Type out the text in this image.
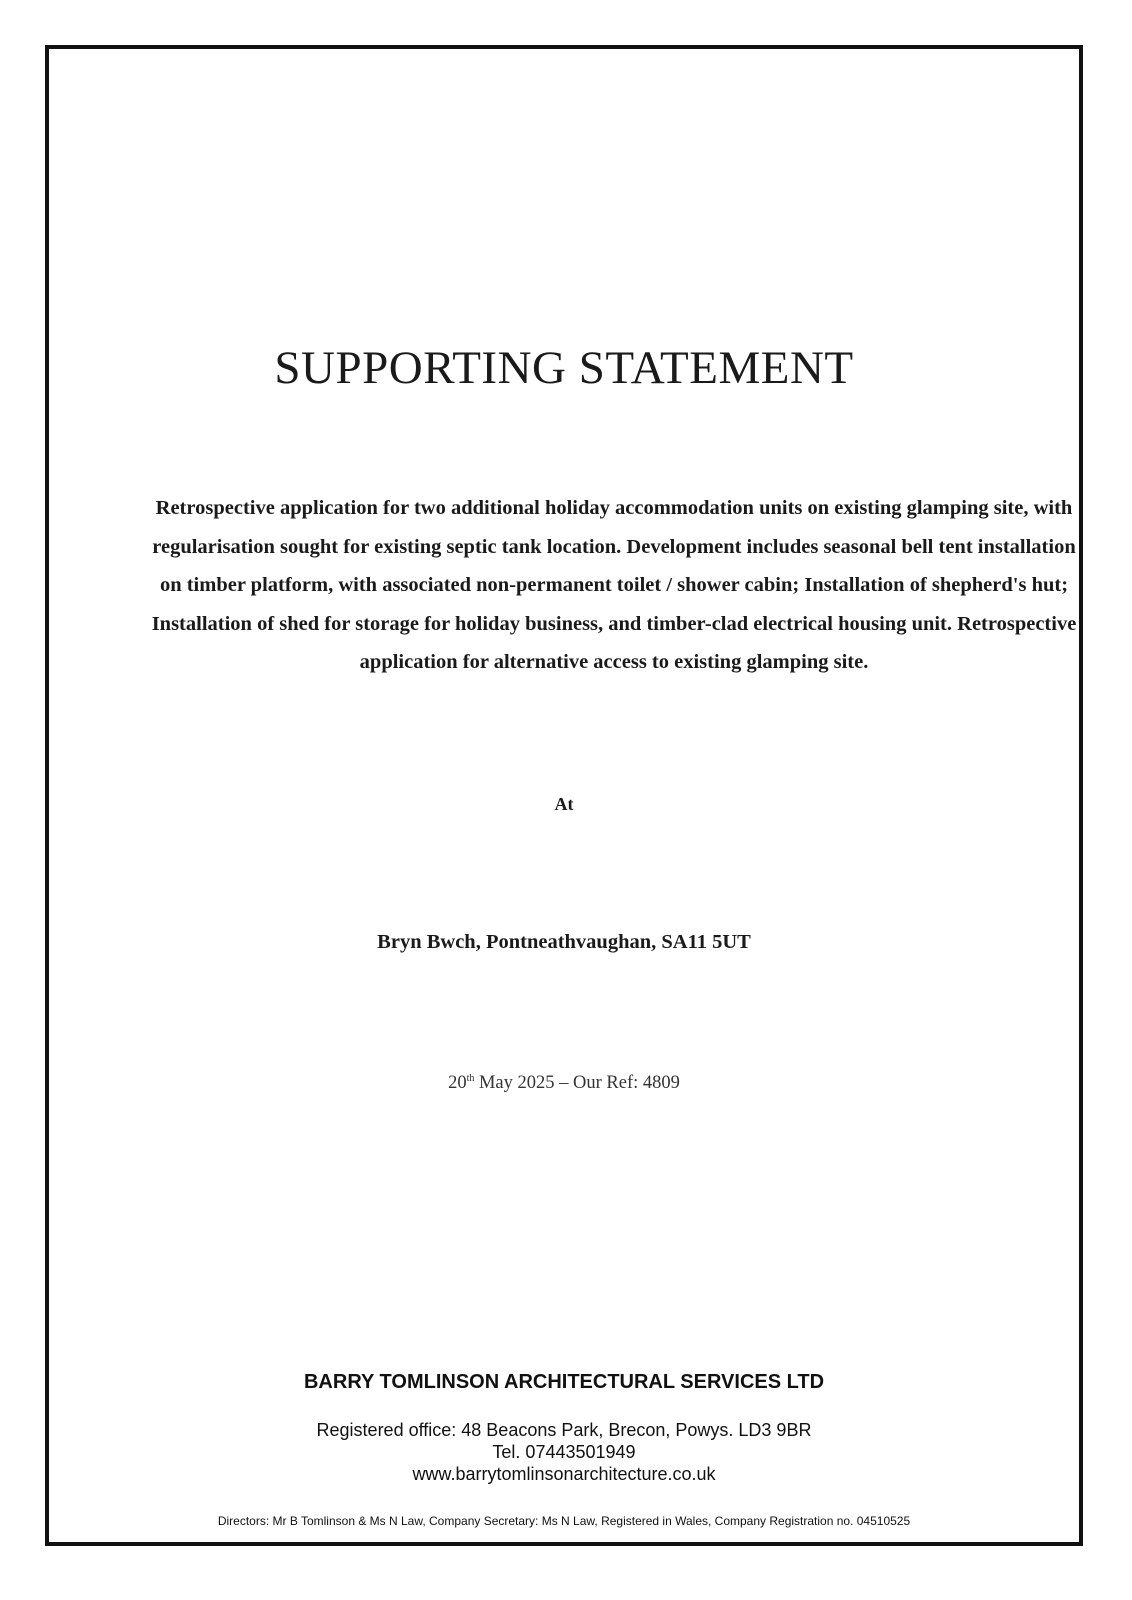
SUPPORTING STATEMENT

Retrospective application for two additional holiday accommodation units on existing glamping site, with regularisation sought for existing septic tank location. Development includes seasonal bell tent installation on timber platform, with associated non-permanent toilet / shower cabin; Installation of shepherd's hut; Installation of shed for storage for holiday business, and timber-clad electrical housing unit. Retrospective application for alternative access to existing glamping site.

At

Bryn Bwch, Pontneathvaughan, SA11 5UT

20th May 2025 – Our Ref: 4809

BARRY TOMLINSON ARCHITECTURAL SERVICES LTD

Registered office: 48 Beacons Park, Brecon, Powys. LD3 9BR
Tel. 07443501949
www.barrytomlinsonarchitecture.co.uk

Directors: Mr B Tomlinson & Ms N Law, Company Secretary: Ms N Law, Registered in Wales, Company Registration no. 04510525
